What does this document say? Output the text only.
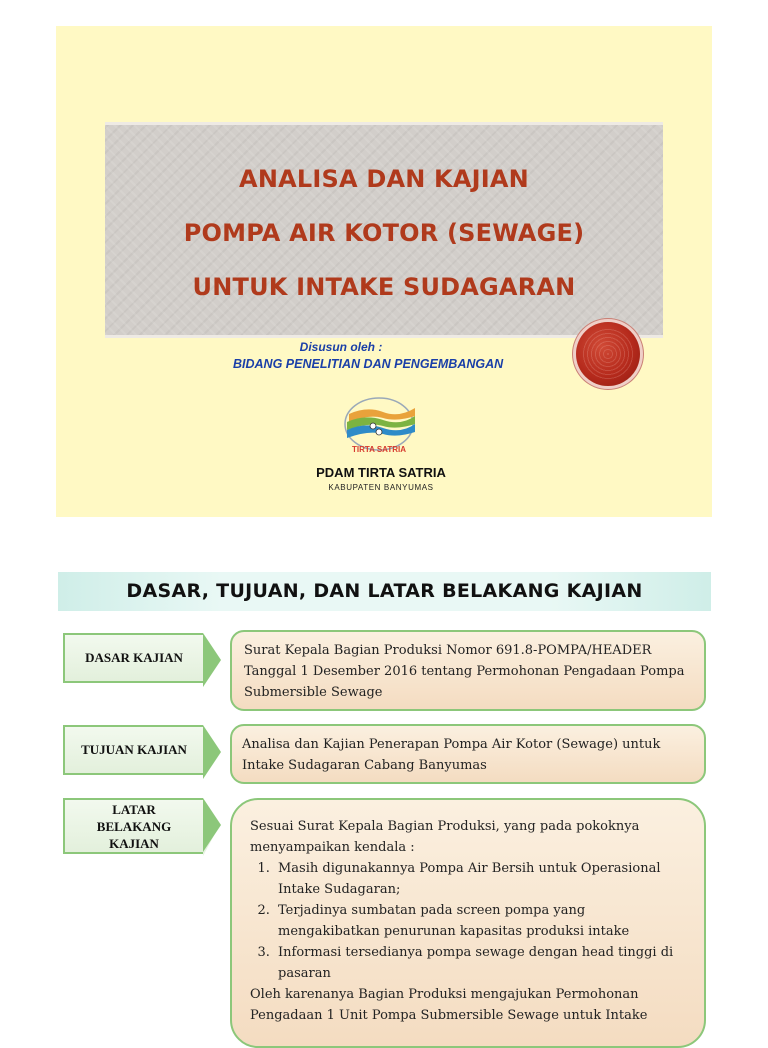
ANALISA DAN KAJIAN
POMPA AIR KOTOR (SEWAGE)
UNTUK INTAKE SUDAGARAN
Disusun oleh :
BIDANG PENELITIAN DAN PENGEMBANGAN
TIRTA SATRIA
PDAM TIRTA SATRIA
KABUPATEN BANYUMAS
DASAR, TUJUAN, DAN LATAR BELAKANG KAJIAN
DASAR KAJIAN	Surat Kepala Bagian Produksi Nomor 691.8-POMPA/HEADER Tanggal 1 Desember 2016 tentang Permohonan Pengadaan Pompa Submersible Sewage

TUJUAN KAJIAN	Analisa dan Kajian Penerapan Pompa Air Kotor (Sewage) untuk Intake Sudagaran Cabang Banyumas

LATAR BELAKANG KAJIAN

Sesuai Surat Kepala Bagian Produksi, yang pada pokoknya menyampaikan kendala :

1. Masih digunakannya Pompa Air Bersih untuk Operasional Intake Sudagaran;
2. Terjadinya sumbatan pada screen pompa yang mengakibatkan penurunan kapasitas produksi intake
3. Informasi tersedianya pompa sewage dengan head tinggi di pasaran

Oleh karenanya Bagian Produksi mengajukan Permohonan Pengadaan 1 Unit Pompa Submersible Sewage untuk Intake
